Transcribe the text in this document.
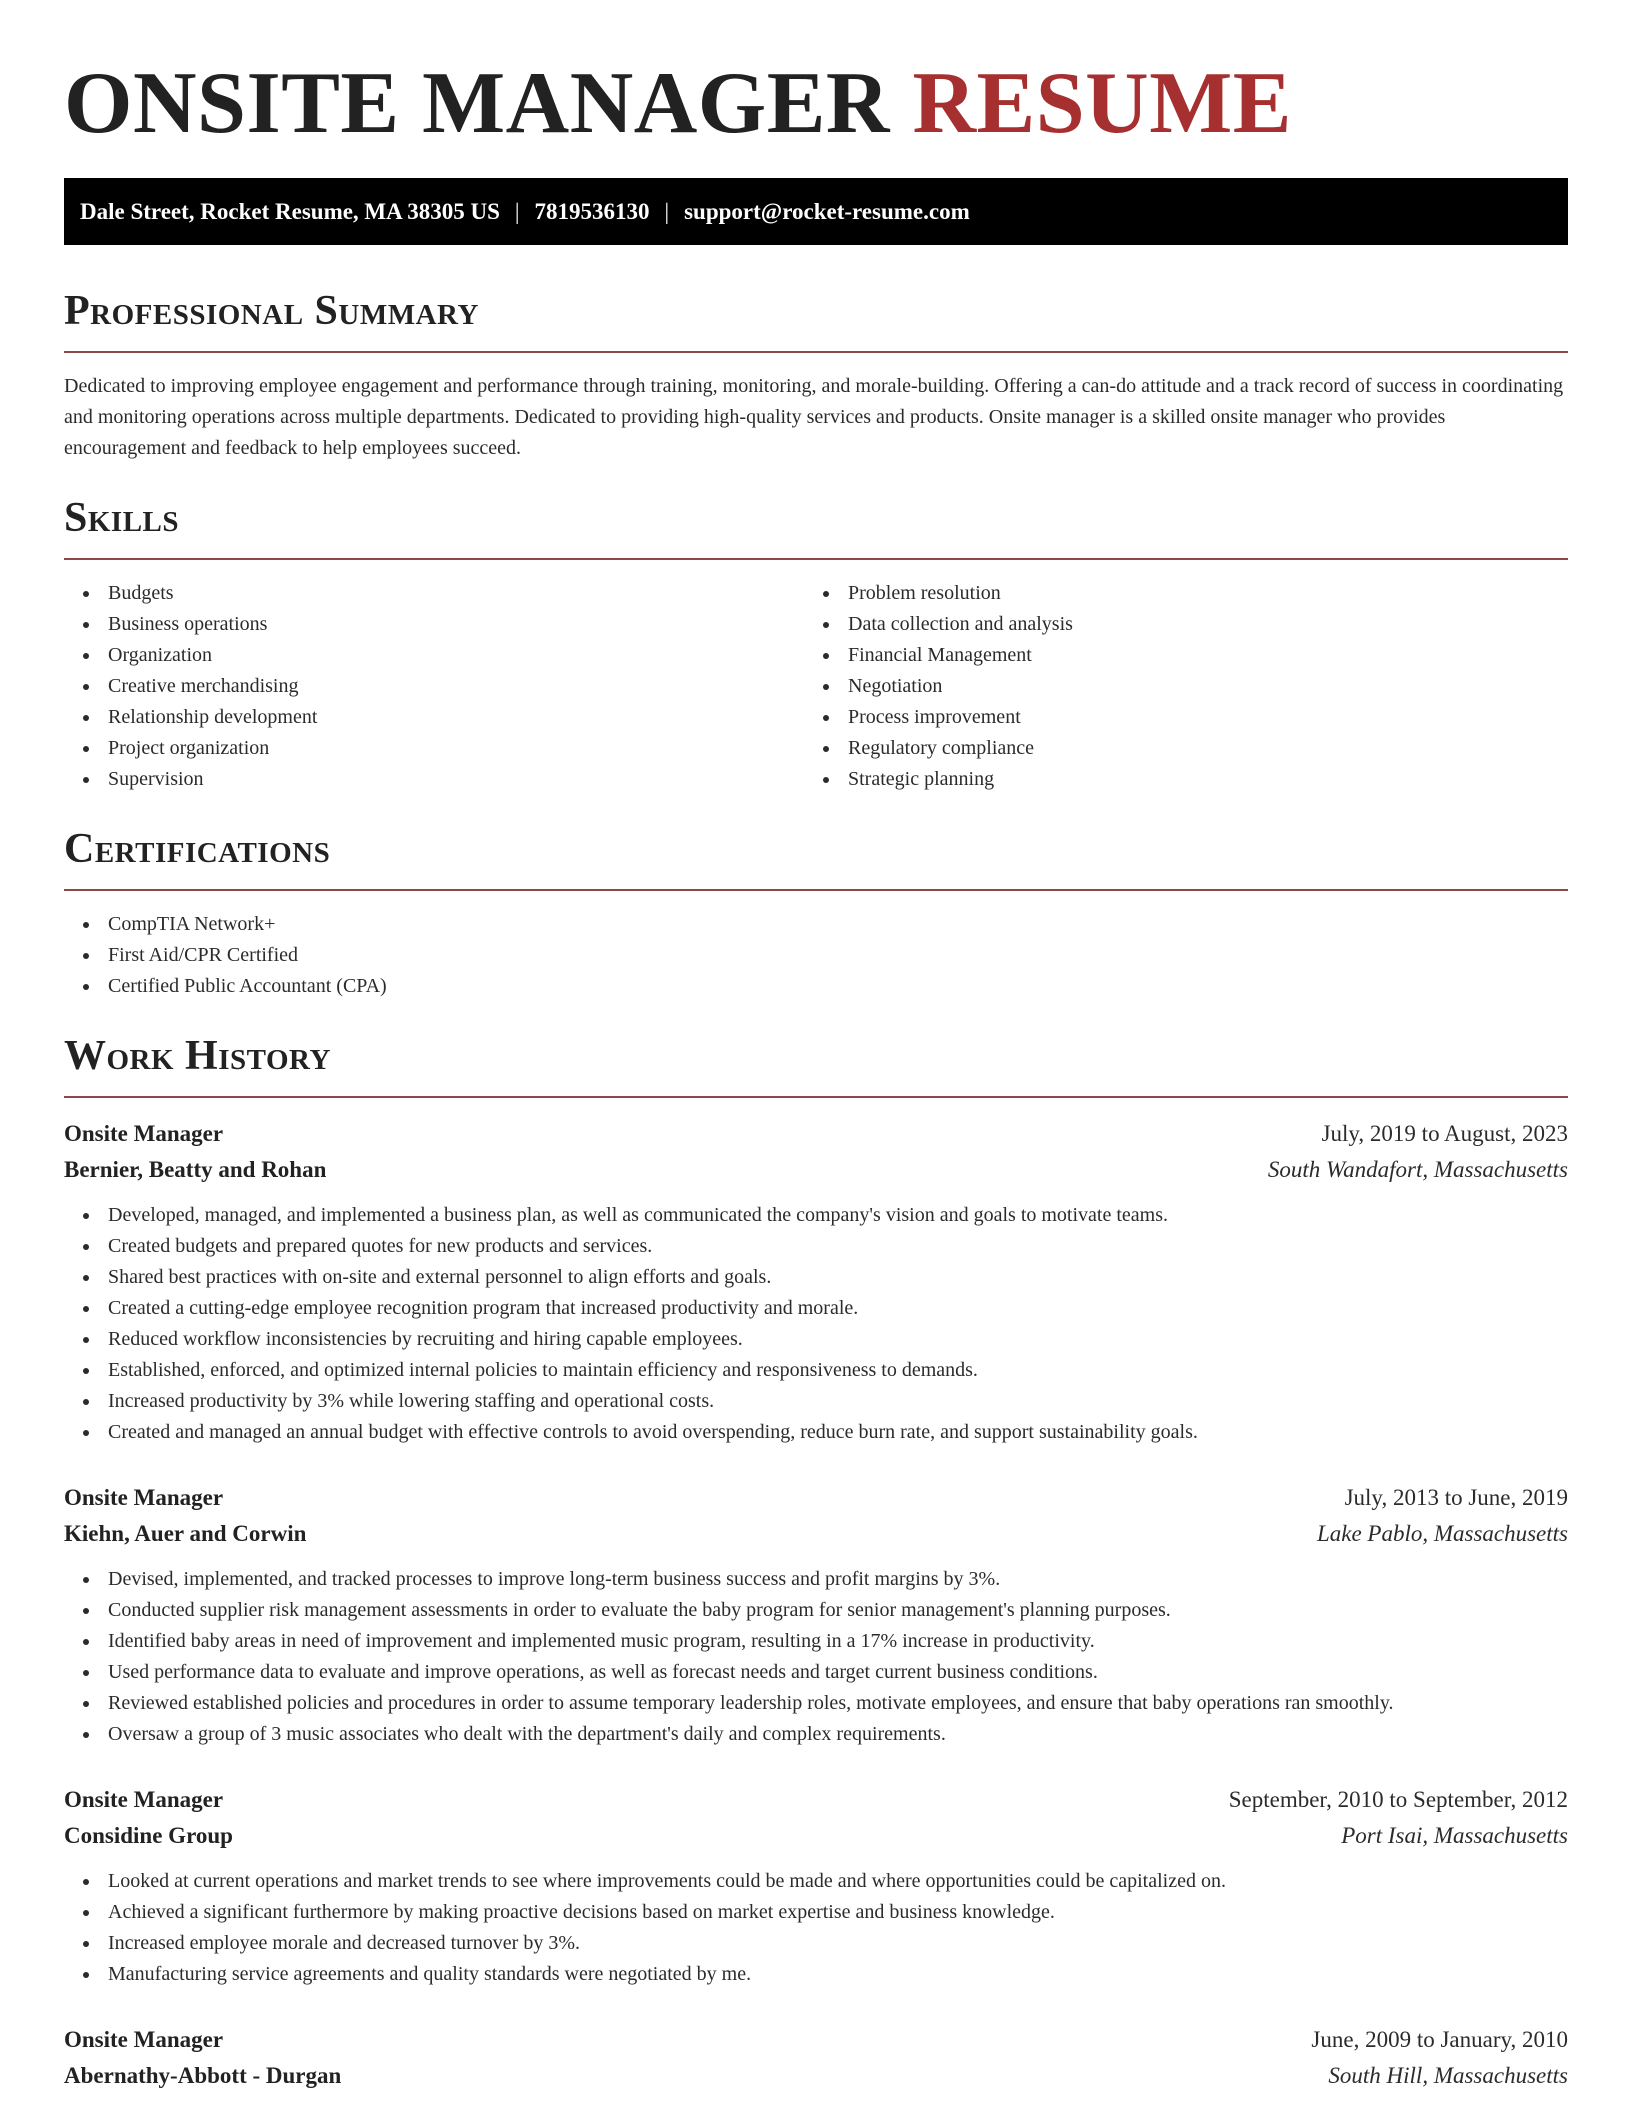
ONSITE MANAGER RESUME
Dale Street, Rocket Resume, MA 38305 US | 7819536130 | support@rocket-resume.com
Professional Summary

Dedicated to improving employee engagement and performance through training, monitoring, and morale-building. Offering a can-do attitude and a track record of success in coordinating and monitoring operations across multiple departments. Dedicated to providing high-quality services and products. Onsite manager is a skilled onsite manager who provides encouragement and feedback to help employees succeed.

Skills
Budgets
Business operations
Organization
Creative merchandising
Relationship development
Project organization
Supervision
Problem resolution
Data collection and analysis
Financial Management
Negotiation
Process improvement
Regulatory compliance
Strategic planning
Certifications
CompTIA Network+
First Aid/CPR Certified
Certified Public Accountant (CPA)
Work History
Onsite Manager	July, 2019 to August, 2023
Bernier, Beatty and Rohan	South Wandafort, Massachusetts
Developed, managed, and implemented a business plan, as well as communicated the company's vision and goals to motivate teams.
Created budgets and prepared quotes for new products and services.
Shared best practices with on-site and external personnel to align efforts and goals.
Created a cutting-edge employee recognition program that increased productivity and morale.
Reduced workflow inconsistencies by recruiting and hiring capable employees.
Established, enforced, and optimized internal policies to maintain efficiency and responsiveness to demands.
Increased productivity by 3% while lowering staffing and operational costs.
Created and managed an annual budget with effective controls to avoid overspending, reduce burn rate, and support sustainability goals.
Onsite Manager	July, 2013 to June, 2019
Kiehn, Auer and Corwin	Lake Pablo, Massachusetts
Devised, implemented, and tracked processes to improve long-term business success and profit margins by 3%.
Conducted supplier risk management assessments in order to evaluate the baby program for senior management's planning purposes.
Identified baby areas in need of improvement and implemented music program, resulting in a 17% increase in productivity.
Used performance data to evaluate and improve operations, as well as forecast needs and target current business conditions.
Reviewed established policies and procedures in order to assume temporary leadership roles, motivate employees, and ensure that baby operations ran smoothly.
Oversaw a group of 3 music associates who dealt with the department's daily and complex requirements.
Onsite Manager	September, 2010 to September, 2012
Considine Group	Port Isai, Massachusetts
Looked at current operations and market trends to see where improvements could be made and where opportunities could be capitalized on.
Achieved a significant furthermore by making proactive decisions based on market expertise and business knowledge.
Increased employee morale and decreased turnover by 3%.
Manufacturing service agreements and quality standards were negotiated by me.
Onsite Manager	June, 2009 to January, 2010
Abernathy-Abbott - Durgan	South Hill, Massachusetts
